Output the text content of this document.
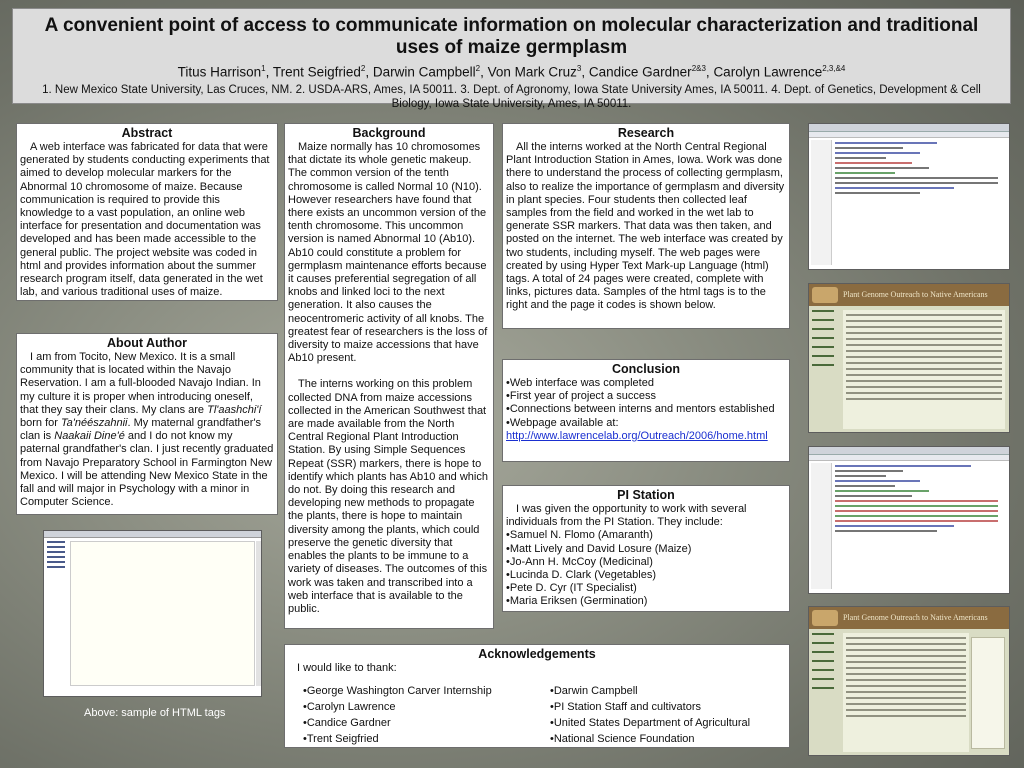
A convenient point of access to communicate information on molecular characterization and traditional uses of maize germplasm
Titus Harrison$^1$, Trent Seigfried$^2$, Darwin Campbell$^2$, Von Mark Cruz$^3$, Candice Gardner$^{2\&3}$, Carolyn Lawrence$^{2,3,\&4}$
1. New Mexico State University, Las Cruces, NM. 2. USDA-ARS, Ames, IA 50011. 3. Dept. of Agronomy, Iowa State University Ames, IA 50011. 4. Dept. of Genetics, Development & Cell Biology, Iowa State University, Ames, IA 50011.
Abstract

A web interface was fabricated for data that were generated by students conducting experiments that aimed to develop molecular markers for the Abnormal 10 chromosome of maize. Because communication is required to provide this knowledge to a vast population, an online web interface for presentation and documentation was developed and has been made accessible to the general public. The project website was coded in html and provides information about the summer research program itself, data generated in the wet lab, and various traditional uses of maize.

About Author

I am from Tocito, New Mexico. It is a small community that is located within the Navajo Reservation. I am a full-blooded Navajo Indian. In my culture it is proper when introducing oneself, that they say their clans. My clans are Tl'aashchi'í born for Ta'néészahnii. My maternal grandfather's clan is Naakaii Dine'é and I do not know my paternal grandfather's clan. I just recently graduated from Navajo Preparatory School in Farmington New Mexico. I will be attending New Mexico State in the fall and will major in Psychology with a minor in Computer Science.

Above: sample of HTML tags
Background

Maize normally has 10 chromosomes that dictate its whole genetic makeup. The common version of the tenth chromosome is called Normal 10 (N10). However researchers have found that there exists an uncommon version of the tenth chromosome. This uncommon version is named Abnormal 10 (Ab10). Ab10 could constitute a problem for germplasm maintenance efforts because it causes preferential segregation of all knobs and linked loci to the next generation. It also causes the neocentromeric activity of all knobs. The greatest fear of researchers is the loss of diversity to maize accessions that have Ab10 present.

The interns working on this problem collected DNA from maize accessions collected in the American Southwest that are made available from the North Central Regional Plant Introduction Station. By using Simple Sequences Repeat (SSR) markers, there is hope to identify which plants has Ab10 and which do not. By doing this research and developing new methods to propagate the plants, there is hope to maintain diversity among the plants, which could preserve the genetic diversity that enables the plants to be immune to a variety of diseases. The outcomes of this work was taken and transcribed into a web interface that is available to the public.

Research

All the interns worked at the North Central Regional Plant Introduction Station in Ames, Iowa. Work was done there to understand the process of collecting germplasm, also to realize the importance of germplasm and diversity in plant species. Four students then collected leaf samples from the field and worked in the wet lab to generate SSR markers. That data was then taken, and posted on the internet. The web interface was created by two students, including myself. The web pages were created by using Hyper Text Mark-up Language (html) tags. A total of 24 pages were created, complete with links, pictures data. Samples of the html tags is to the right and the page it codes is shown below.

Conclusion
•Web interface was completed
•First year of project a success
•Connections between interns and mentors established
•Webpage available at:
http://www.lawrencelab.org/Outreach/2006/home.html
PI Station

I was given the opportunity to work with several individuals from the PI Station. They include:

•Samuel N. Flomo (Amaranth)
•Matt Lively and David Losure (Maize)
•Jo-Ann H. McCoy (Medicinal)
•Lucinda D. Clark (Vegetables)
•Pete D. Cyr (IT Specialist)
•Maria Eriksen (Germination)
Acknowledgements

I would like to thank:

•George Washington Carver Internship
•Carolyn Lawrence
•Candice Gardner
•Trent Seigfried
•Darwin Campbell
•PI Station Staff and cultivators
•United States Department of Agricultural
•National Science Foundation
Plant Genome Outreach to Native Americans
Plant Genome Outreach to Native Americans
